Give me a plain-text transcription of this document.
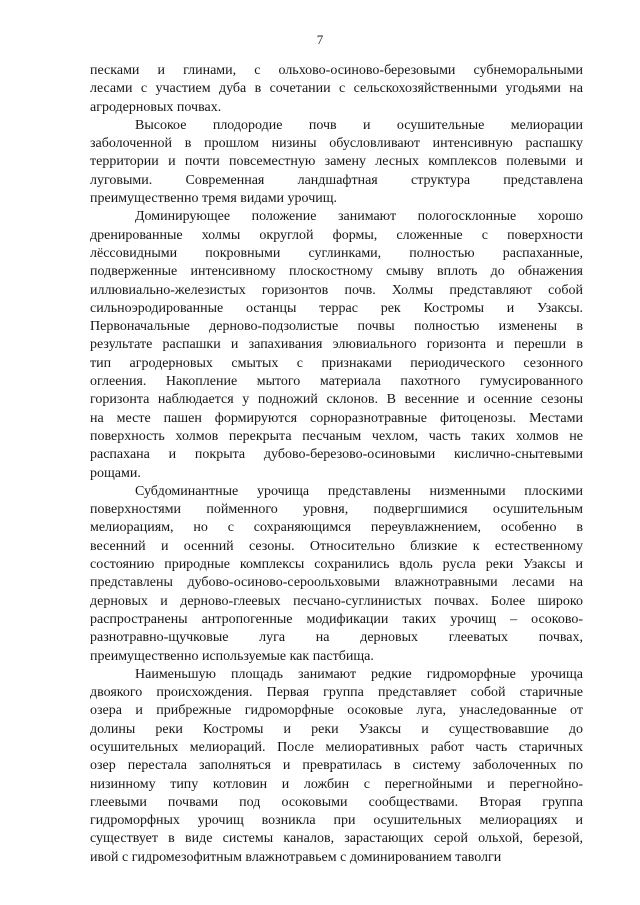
7
песками и глинами, с ольхово-осиново-березовыми субнеморальными
лесами с участием дуба в сочетании с сельскохозяйственными угодьями на
агродерновых почвах.
Высокое плодородие почв и осушительные мелиорации
заболоченной в прошлом низины обусловливают интенсивную распашку
территории и почти повсеместную замену лесных комплексов полевыми и
луговыми. Современная ландшафтная структура представлена
преимущественно тремя видами урочищ.
Доминирующее положение занимают пологосклонные хорошо
дренированные холмы округлой формы, сложенные с поверхности
лёссовидными покровными суглинками, полностью распаханные,
подверженные интенсивному плоскостному смыву вплоть до обнажения
иллювиально-железистых горизонтов почв. Холмы представляют собой
сильноэродированные останцы террас рек Костромы и Узаксы.
Первоначальные дерново-подзолистые почвы полностью изменены в
результате распашки и запахивания элювиального горизонта и перешли в
тип агродерновых смытых с признаками периодического сезонного
оглеения. Накопление мытого материала пахотного гумусированного
горизонта наблюдается у подножий склонов. В весенние и осенние сезоны
на месте пашен формируются сорноразнотравные фитоценозы. Местами
поверхность холмов перекрыта песчаным чехлом, часть таких холмов не
распахана и покрыта дубово-березово-осиновыми кислично-снытевыми
рощами.
Субдоминантные урочища представлены низменными плоскими
поверхностями пойменного уровня, подвергшимися осушительным
мелиорациям, но с сохраняющимся переувлажнением, особенно в
весенний и осенний сезоны. Относительно близкие к естественному
состоянию природные комплексы сохранились вдоль русла реки Узаксы и
представлены дубово-осиново-сероольховыми влажнотравными лесами на
дерновых и дерново-глеевых песчано-суглинистых почвах. Более широко
распространены антропогенные модификации таких урочищ – осоково-
разнотравно-щучковые луга на дерновых глееватых почвах,
преимущественно используемые как пастбища.
Наименьшую площадь занимают редкие гидроморфные урочища
двоякого происхождения. Первая группа представляет собой старичные
озера и прибрежные гидроморфные осоковые луга, унаследованные от
долины реки Костромы и реки Узаксы и существовавшие до
осушительных мелиораций. После мелиоративных работ часть старичных
озер перестала заполняться и превратилась в систему заболоченных по
низинному типу котловин и ложбин с перегнойными и перегнойно-
глеевыми почвами под осоковыми сообществами. Вторая группа
гидроморфных урочищ возникла при осушительных мелиорациях и
существует в виде системы каналов, зарастающих серой ольхой, березой,
ивой с гидромезофитным влажнотравьем с доминированием таволги
